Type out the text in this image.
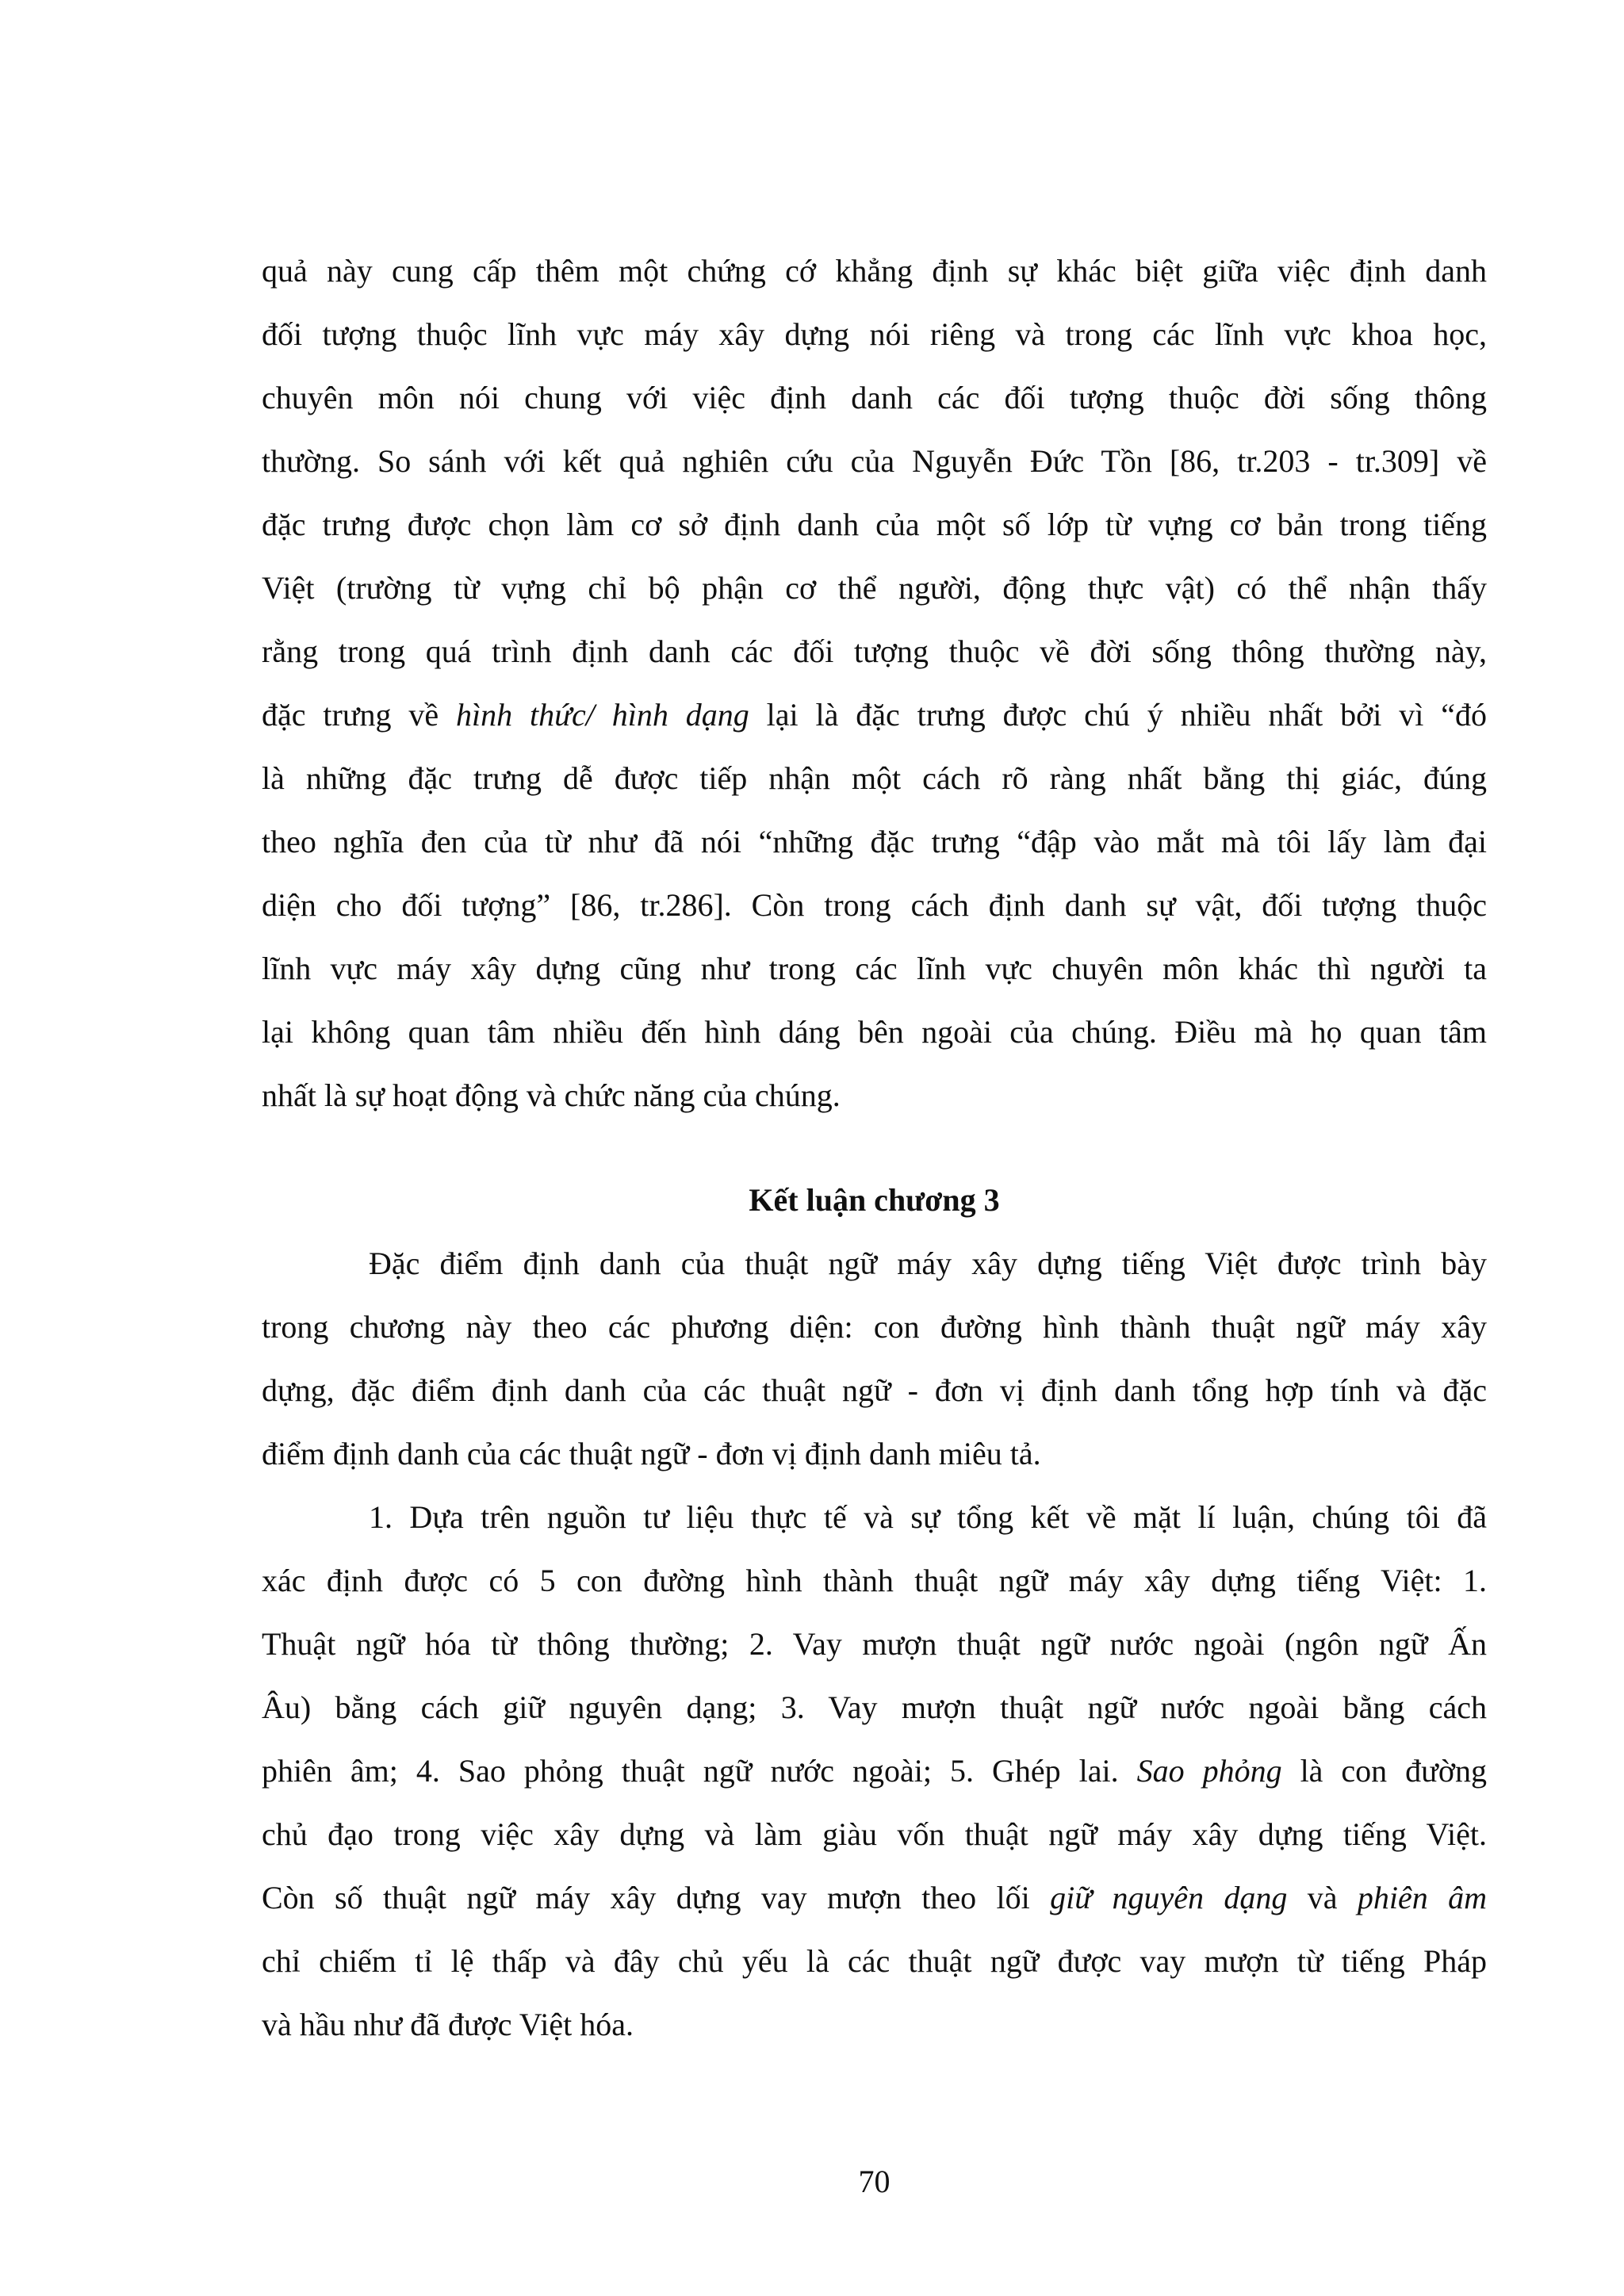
quả này cung cấp thêm một chứng cớ khẳng định sự khác biệt giữa việc định danh
đối tượng thuộc lĩnh vực máy xây dựng nói riêng và trong các lĩnh vực khoa học,
chuyên môn nói chung với việc định danh các đối tượng thuộc đời sống thông
thường. So sánh với kết quả nghiên cứu của Nguyễn Đức Tồn [86, tr.203 - tr.309] về
đặc trưng được chọn làm cơ sở định danh của một số lớp từ vựng cơ bản trong tiếng
Việt (trường từ vựng chỉ bộ phận cơ thể người, động thực vật) có thể nhận thấy
rằng trong quá trình định danh các đối tượng thuộc về đời sống thông thường này,
đặc trưng về hình thức/ hình dạng lại là đặc trưng được chú ý nhiều nhất bởi vì “đó
là những đặc trưng dễ được tiếp nhận một cách rõ ràng nhất bằng thị giác, đúng
theo nghĩa đen của từ như đã nói “những đặc trưng “đập vào mắt mà tôi lấy làm đại
diện cho đối tượng” [86, tr.286]. Còn trong cách định danh sự vật, đối tượng thuộc
lĩnh vực máy xây dựng cũng như trong các lĩnh vực chuyên môn khác thì người ta
lại không quan tâm nhiều đến hình dáng bên ngoài của chúng. Điều mà họ quan tâm
nhất là sự hoạt động và chức năng của chúng.
Kết luận chương 3
Đặc điểm định danh của thuật ngữ máy xây dựng tiếng Việt được trình bày
trong chương này theo các phương diện: con đường hình thành thuật ngữ máy xây
dựng, đặc điểm định danh của các thuật ngữ - đơn vị định danh tổng hợp tính và đặc
điểm định danh của các thuật ngữ - đơn vị định danh miêu tả.
1. Dựa trên nguồn tư liệu thực tế và sự tổng kết về mặt lí luận, chúng tôi đã
xác định được có 5 con đường hình thành thuật ngữ máy xây dựng tiếng Việt: 1.
Thuật ngữ hóa từ thông thường; 2. Vay mượn thuật ngữ nước ngoài (ngôn ngữ Ấn
Âu) bằng cách giữ nguyên dạng; 3. Vay mượn thuật ngữ nước ngoài bằng cách
phiên âm; 4. Sao phỏng thuật ngữ nước ngoài; 5. Ghép lai. Sao phỏng là con đường
chủ đạo trong việc xây dựng và làm giàu vốn thuật ngữ máy xây dựng tiếng Việt.
Còn số thuật ngữ máy xây dựng vay mượn theo lối giữ nguyên dạng và phiên âm
chỉ chiếm tỉ lệ thấp và đây chủ yếu là các thuật ngữ được vay mượn từ tiếng Pháp
và hầu như đã được Việt hóa.
70
